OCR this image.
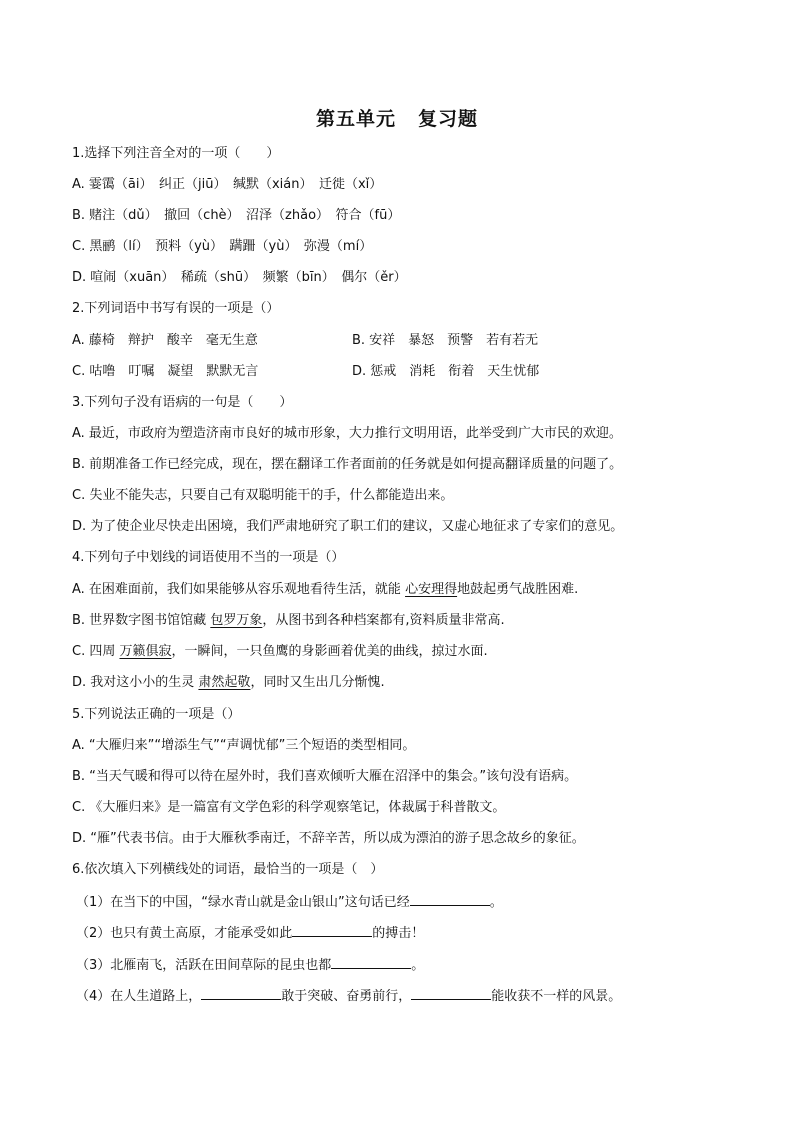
第五单元 复习题
1.选择下列注音全对的一项（　　）
A. 霎霭（āi）　纠正（jiū）　缄默（xián）　迁徙（xǐ）
B. 赌注（dǔ）　撤回（chè）　沼泽（zhǎo）　符合（fū）
C. 黑鹂（lí）　预料（yù）　蹒跚（yù）　弥漫（mí）
D. 喧闹（xuān）　稀疏（shū）　频繁（bīn）　偶尔（ěr）
2.下列词语中书写有误的一项是（）
A. 藤椅　辩护　酸辛　毫无生意	B. 安祥　暴怒　预警　若有若无
C. 咕噜　叮嘱　凝望　默默无言	D. 惩戒　消耗　衔着　天生忧郁
3.下列句子没有语病的一句是（　　）
A. 最近，市政府为塑造济南市良好的城市形象，大力推行文明用语，此举受到广大市民的欢迎。
B. 前期准备工作已经完成，现在，摆在翻译工作者面前的任务就是如何提高翻译质量的问题了。
C. 失业不能失志，只要自己有双聪明能干的手，什么都能造出来。
D. 为了使企业尽快走出困境，我们严肃地研究了职工们的建议，又虚心地征求了专家们的意见。
4.下列句子中划线的词语使用不当的一项是（）
A. 在困难面前，我们如果能够从容乐观地看待生活，就能 心安理得地鼓起勇气战胜困难.
B. 世界数字图书馆馆藏 包罗万象，从图书到各种档案都有,资料质量非常高.
C. 四周 万籁俱寂，一瞬间，一只鱼鹰的身影画着优美的曲线，掠过水面.
D. 我对这小小的生灵 肃然起敬，同时又生出几分惭愧.
5.下列说法正确的一项是（）
A. “大雁归来”“增添生气”“声调忧郁”三个短语的类型相同。
B. “当天气暖和得可以待在屋外时，我们喜欢倾听大雁在沼泽中的集会。”该句没有语病。
C. 《大雁归来》是一篇富有文学色彩的科学观察笔记，体裁属于科普散文。
D. “雁”代表书信。由于大雁秋季南迁，不辞辛苦，所以成为漂泊的游子思念故乡的象征。
6.依次填入下列横线处的词语，最恰当的一项是（　）
（1）在当下的中国，“绿水青山就是金山银山”这句话已经	。
（2）也只有黄土高原，才能承受如此	的搏击！
（3）北雁南飞，活跃在田间草际的昆虫也都	。
（4）在人生道路上，	敢于突破、奋勇前行，	能收获不一样的风景。
